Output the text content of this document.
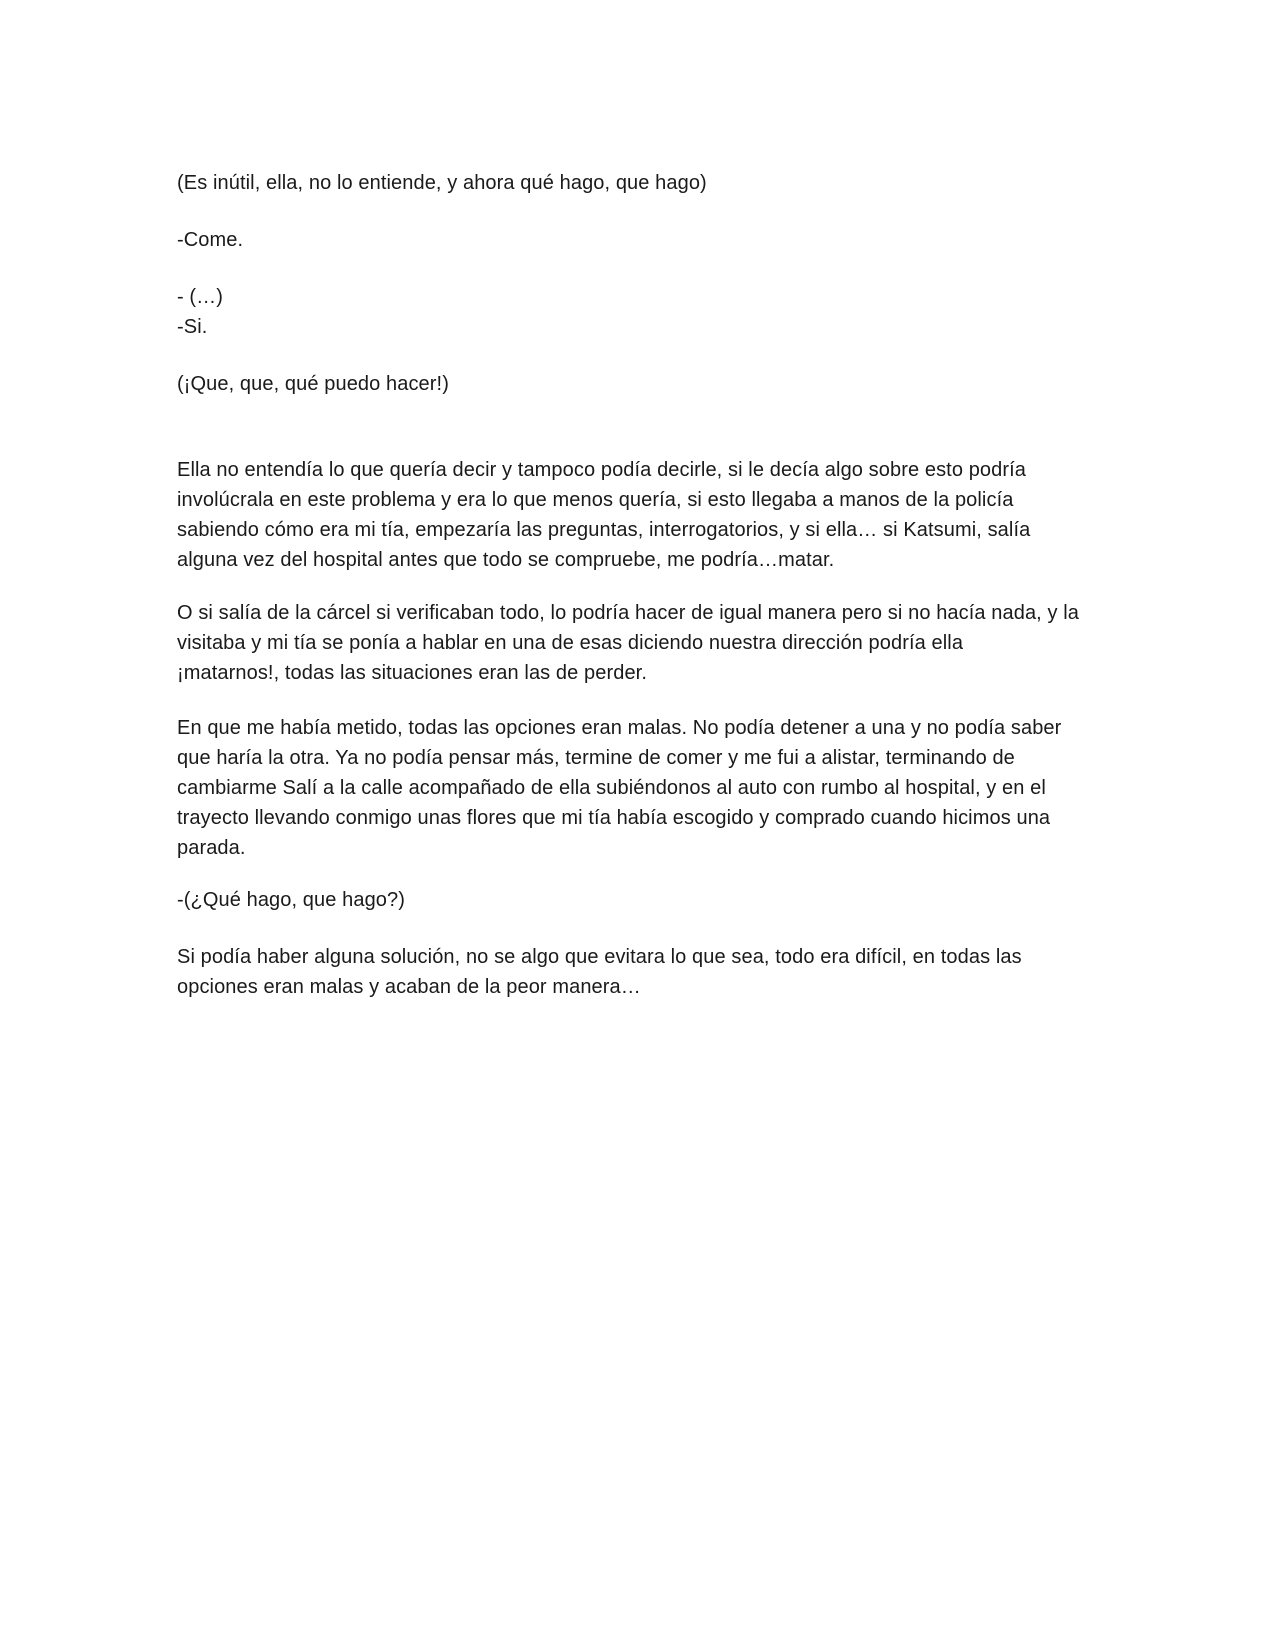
(Es inútil, ella, no lo entiende, y ahora qué hago, que hago)
-Come.
- (…)
-Si.
(¡Que, que, qué puedo hacer!)
Ella no entendía lo que quería decir y tampoco podía decirle, si le decía algo sobre esto podría
involúcrala en este problema y era lo que menos quería, si esto llegaba a manos de la policía
sabiendo cómo era mi tía, empezaría las preguntas, interrogatorios, y si ella… si Katsumi, salía
alguna vez del hospital antes que todo se compruebe, me podría…matar.
O si salía de la cárcel si verificaban todo, lo podría hacer de igual manera pero si no hacía nada, y la
visitaba y mi tía se ponía a hablar en una de esas diciendo nuestra dirección podría ella
¡matarnos!, todas las situaciones eran las de perder.
En que me había metido, todas las opciones eran malas. No podía detener a una y no podía saber
que haría la otra. Ya no podía pensar más, termine de comer y me fui a alistar, terminando de
cambiarme Salí a la calle acompañado de ella subiéndonos al auto con rumbo al hospital, y en el
trayecto llevando conmigo unas flores que mi tía había escogido y comprado cuando hicimos una
parada.
-(¿Qué hago, que hago?)
Si podía haber alguna solución, no se algo que evitara lo que sea, todo era difícil, en todas las
opciones eran malas y acaban de la peor manera…
